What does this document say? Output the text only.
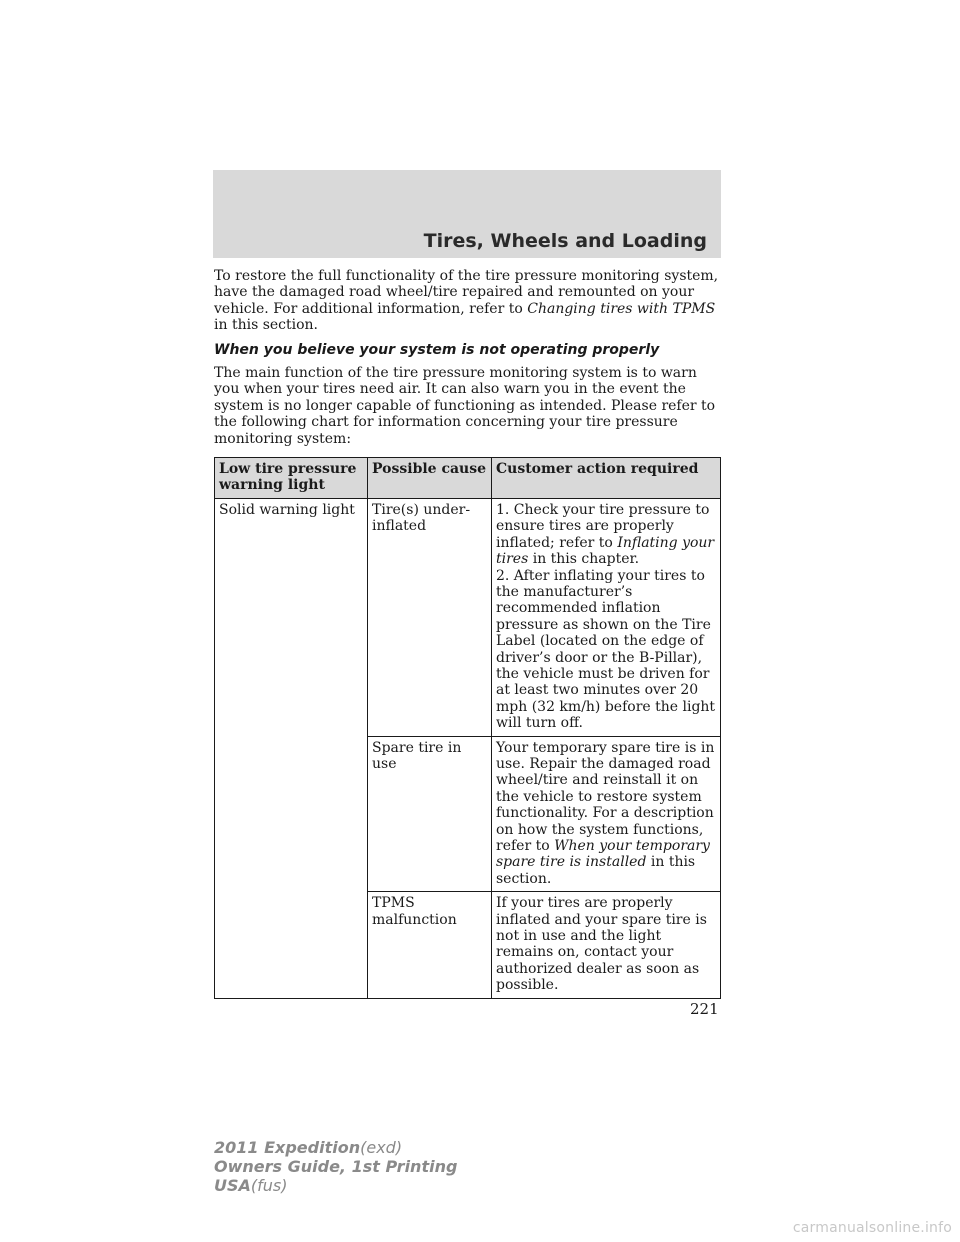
Tires, Wheels and Loading

To restore the full functionality of the tire pressure monitoring system, have the damaged road wheel/tire repaired and remounted on your vehicle. For additional information, refer to Changing tires with TPMS in this section.

When you believe your system is not operating properly

The main function of the tire pressure monitoring system is to warn you when your tires need air. It can also warn you in the event the system is no longer capable of functioning as intended. Please refer to the following chart for information concerning your tire pressure monitoring system:

Low tire pressure warning light	Possible cause	Customer action required
Solid warning light	Tire(s) under-inflated	1. Check your tire pressure to ensure tires are properly inflated; refer to Inflating your tires in this chapter.
2. After inflating your tires to the manufacturer’s recommended inflation pressure as shown on the Tire Label (located on the edge of driver’s door or the B-Pillar), the vehicle must be driven for at least two minutes over 20 mph (32 km/h) before the light will turn off.
	Spare tire in use	Your temporary spare tire is in use. Repair the damaged road wheel/tire and reinstall it on the vehicle to restore system functionality. For a description on how the system functions, refer to When your temporary spare tire is installed in this section.
	TPMS malfunction	If your tires are properly inflated and your spare tire is not in use and the light remains on, contact your authorized dealer as soon as possible.
221
2011 Expedition(exd)
Owners Guide, 1st Printing
USA(fus)
carmanualsonline.info
